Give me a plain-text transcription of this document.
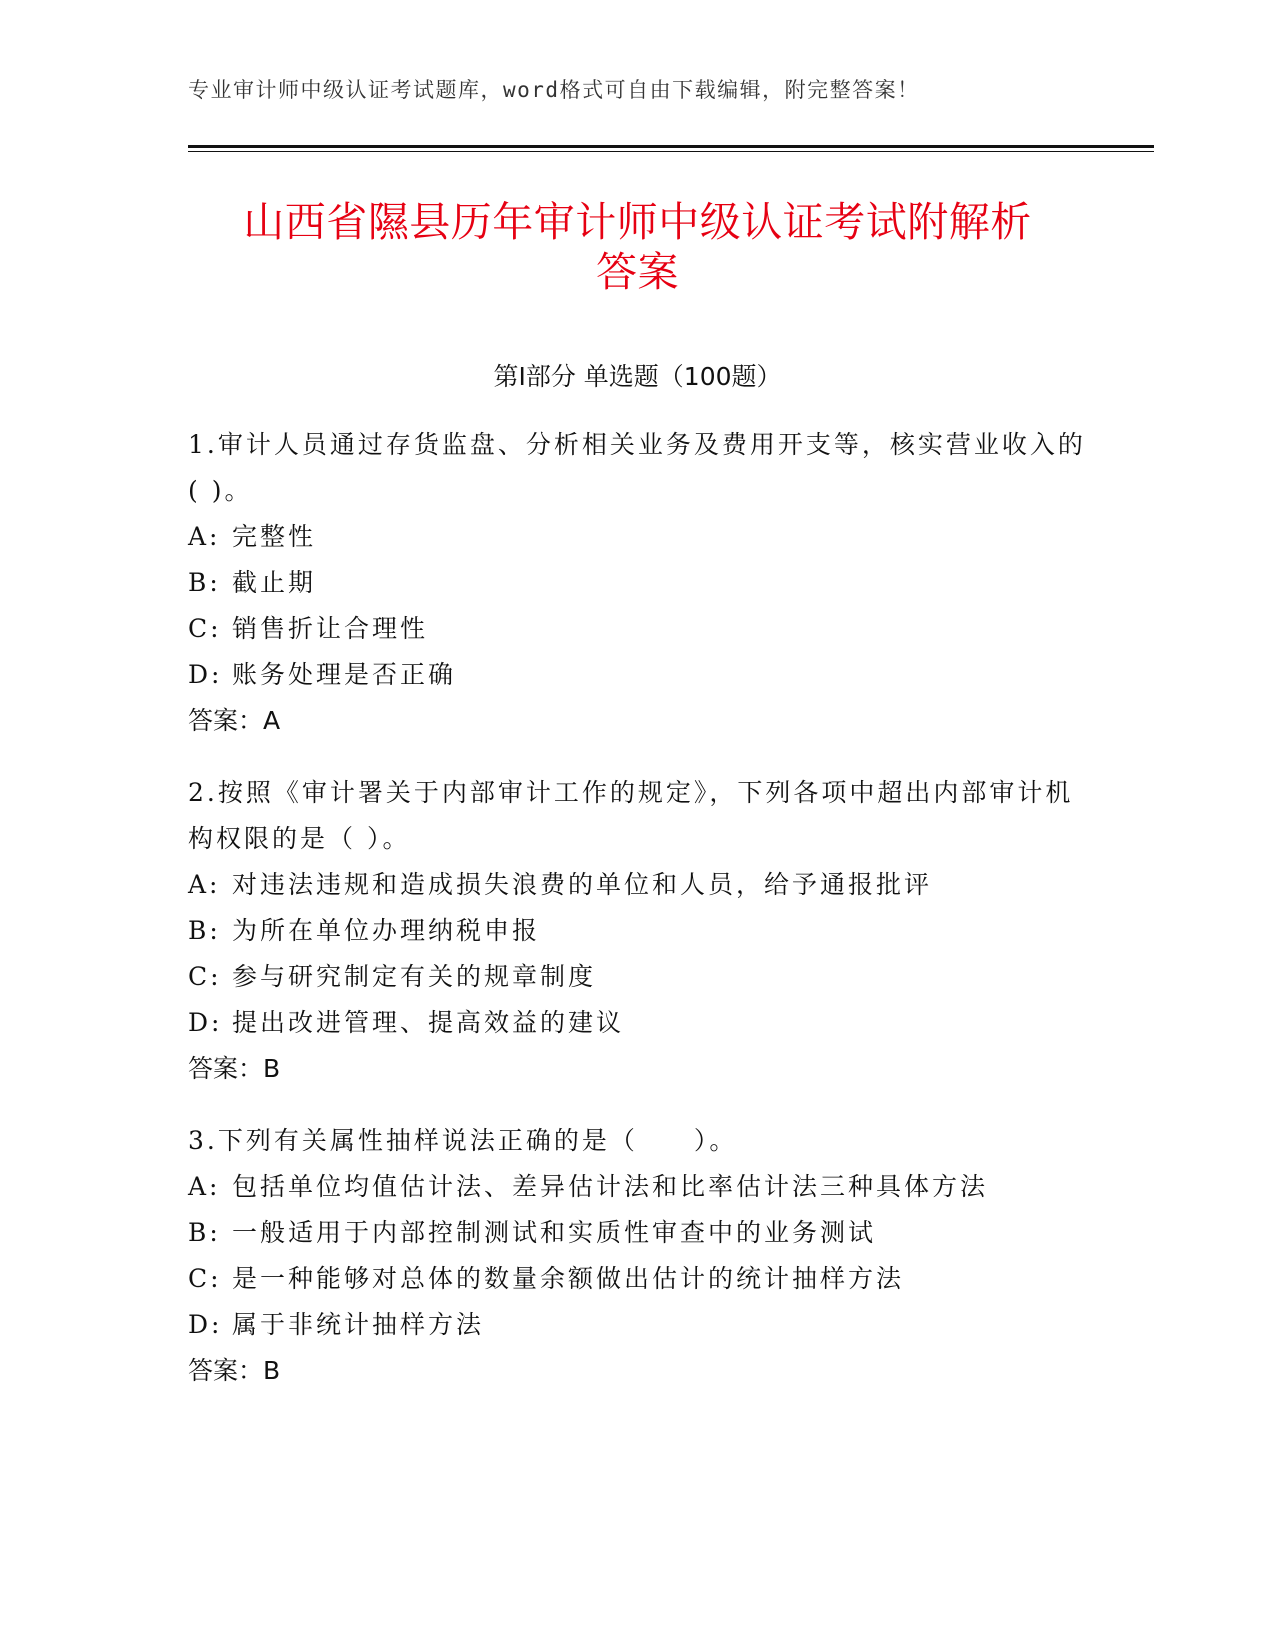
专业审计师中级认证考试题库，word格式可自由下载编辑，附完整答案！
山西省隰县历年审计师中级认证考试附解析
答案
第Ⅰ部分 单选题（100题）

1.审计人员通过存货监盘、分析相关业务及费用开支等，核实营业收入的( )。

A: 完整性

B: 截止期

C: 销售折让合理性

D: 账务处理是否正确

答案：A

2.按照《审计署关于内部审计工作的规定》，下列各项中超出内部审计机构权限的是（ ）。

A: 对违法违规和造成损失浪费的单位和人员，给予通报批评

B: 为所在单位办理纳税申报

C: 参与研究制定有关的规章制度

D: 提出改进管理、提高效益的建议

答案：B

3.下列有关属性抽样说法正确的是（　　）。

A: 包括单位均值估计法、差异估计法和比率估计法三种具体方法

B: 一般适用于内部控制测试和实质性审查中的业务测试

C: 是一种能够对总体的数量余额做出估计的统计抽样方法

D: 属于非统计抽样方法

答案：B
